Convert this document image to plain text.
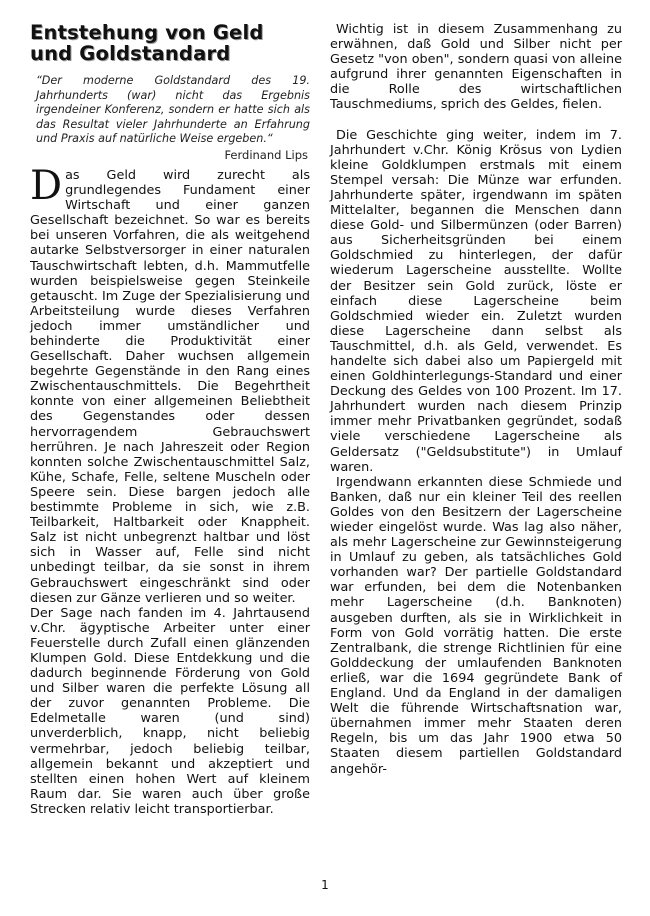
Entstehung von Geld und Goldstandard

“Der moderne Goldstandard des 19. Jahrhunderts (war) nicht das Ergebnis irgendeiner Konferenz, sondern er hatte sich als das Resultat vieler Jahrhunderte an Erfahrung und Praxis auf natürliche Weise ergeben.“

Ferdinand Lips

Das Geld wird zurecht als grundlegendes Fundament einer Wirtschaft und einer ganzen Gesellschaft bezeichnet. So war es bereits bei unseren Vorfahren, die als weitgehend autarke Selbstversorger in einer naturalen Tauschwirtschaft lebten, d.h. Mammutfelle wurden beispielsweise gegen Steinkeile getauscht. Im Zuge der Spezialisierung und Arbeitsteilung wurde dieses Verfahren jedoch immer umständlicher und behinderte die Produktivität einer Gesellschaft. Daher wuchsen allgemein begehrte Gegenstände in den Rang eines Zwischentauschmittels. Die Begehrtheit konnte von einer allgemeinen Beliebtheit des Gegenstandes oder dessen hervorragendem Gebrauchswert herrühren. Je nach Jahreszeit oder Region konnten solche Zwischentauschmittel Salz, Kühe, Schafe, Felle, seltene Muscheln oder Speere sein. Diese bargen jedoch alle bestimmte Probleme in sich, wie z.B. Teilbarkeit, Haltbarkeit oder Knappheit. Salz ist nicht unbegrenzt haltbar und löst sich in Wasser auf, Felle sind nicht unbedingt teilbar, da sie sonst in ihrem Gebrauchswert eingeschränkt sind oder diesen zur Gänze verlieren und so weiter.

Der Sage nach fanden im 4. Jahrtausend v.Chr. ägyptische Arbeiter unter einer Feuerstelle durch Zufall einen glänzenden Klumpen Gold. Diese Entdekkung und die dadurch beginnende Förderung von Gold und Silber waren die perfekte Lösung all der zuvor genannten Probleme. Die Edelmetalle waren (und sind) unverderblich, knapp, nicht beliebig vermehrbar, jedoch beliebig teilbar, allgemein bekannt und akzeptiert und stellten einen hohen Wert auf kleinem Raum dar. Sie waren auch über große Strecken relativ leicht transportierbar.

Wichtig ist in diesem Zusammenhang zu erwähnen, daß Gold und Silber nicht per Gesetz "von oben", sondern quasi von alleine aufgrund ihrer genannten Eigenschaften in die Rolle des wirtschaftlichen Tauschmediums, sprich des Geldes, fielen.

Die Geschichte ging weiter, indem im 7. Jahrhundert v.Chr. König Krösus von Lydien kleine Goldklumpen erstmals mit einem Stempel versah: Die Münze war erfunden. Jahrhunderte später, irgendwann im späten Mittelalter, begannen die Menschen dann diese Gold- und Silbermünzen (oder Barren) aus Sicherheitsgründen bei einem Goldschmied zu hinterlegen, der dafür wiederum Lagerscheine ausstellte. Wollte der Besitzer sein Gold zurück, löste er einfach diese Lagerscheine beim Goldschmied wieder ein. Zuletzt wurden diese Lagerscheine dann selbst als Tauschmittel, d.h. als Geld, verwendet. Es handelte sich dabei also um Papiergeld mit einen Goldhinterlegungs-Standard und einer Deckung des Geldes von 100 Prozent. Im 17. Jahrhundert wurden nach diesem Prinzip immer mehr Privatbanken gegründet, sodaß viele verschiedene Lagerscheine als Geldersatz ("Geldsubstitute") in Umlauf waren.

Irgendwann erkannten diese Schmiede und Banken, daß nur ein kleiner Teil des reellen Goldes von den Besitzern der Lagerscheine wieder eingelöst wurde. Was lag also näher, als mehr Lagerscheine zur Gewinnsteigerung in Umlauf zu geben, als tatsächliches Gold vorhanden war? Der partielle Goldstandard war erfunden, bei dem die Notenbanken mehr Lagerscheine (d.h. Banknoten) ausgeben durften, als sie in Wirklichkeit in Form von Gold vorrätig hatten. Die erste Zentralbank, die strenge Richtlinien für eine Golddeckung der umlaufenden Banknoten erließ, war die 1694 gegründete Bank of England. Und da England in der damaligen Welt die führende Wirtschaftsnation war, übernahmen immer mehr Staaten deren Regeln, bis um das Jahr 1900 etwa 50 Staaten diesem partiellen Goldstandard angehör-

1
